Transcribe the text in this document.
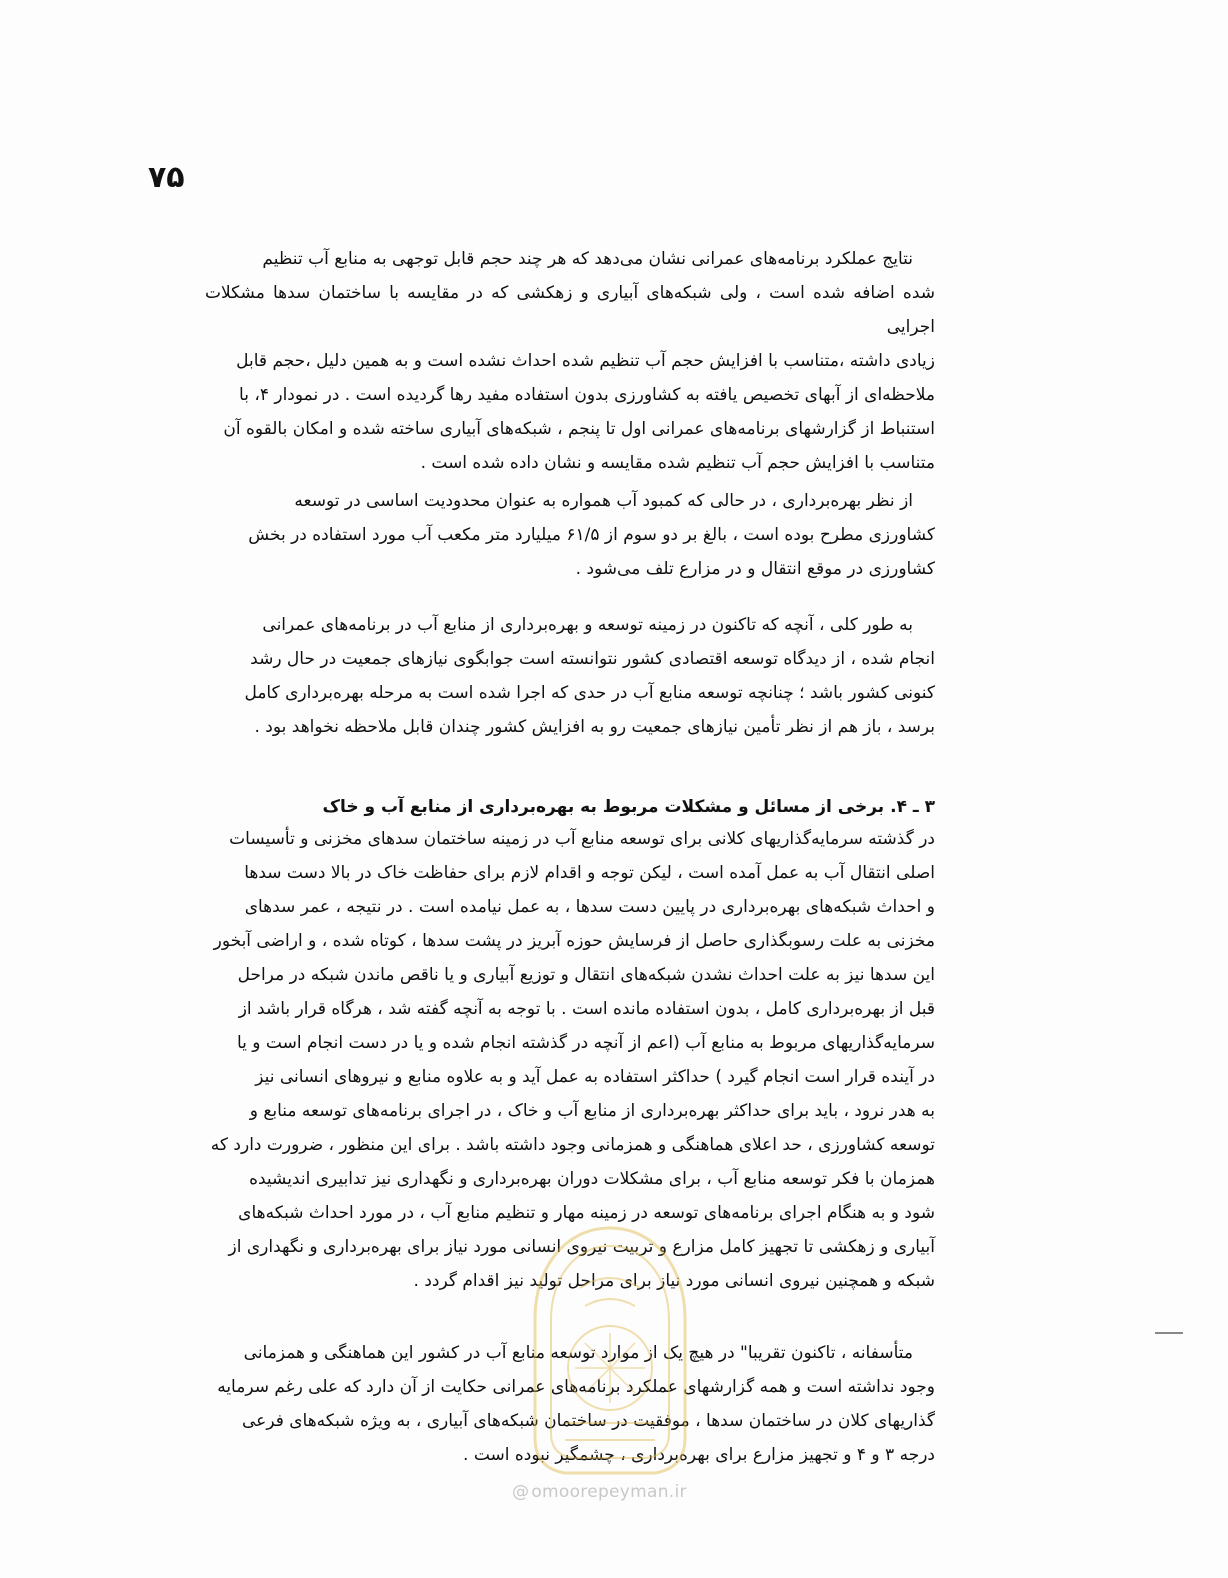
۷۵

نتایج عملکرد برنامه‌های عمرانی نشان می‌دهد که هر چند حجم قابل توجهی به منابع آب تنظیم

شده اضافه شده است ، ولی شبکه‌های آبیاری و زهکشی که در مقایسه با ساختمان سدها مشکلات اجرایی

زیادی داشته ،متناسب با افزایش حجم آب تنظیم شده احداث نشده است و به همین دلیل ،حجم قابل

ملاحظه‌ای از آبهای تخصیص یافته به کشاورزی بدون استفاده مفید رها گردیده است . در نمودار ۴، با

استنباط از گزارشهای برنامه‌های عمرانی اول تا پنجم ، شبکه‌های آبیاری ساخته شده و امکان بالقوه آن

متناسب با افزایش حجم آب تنظیم شده مقایسه و نشان داده شده است .

از نظر بهره‌برداری ، در حالی که کمبود آب همواره به عنوان محدودیت اساسی در توسعه

کشاورزی مطرح بوده است ، بالغ بر دو سوم از ۶۱/۵ میلیارد متر مکعب آب مورد استفاده در بخش

کشاورزی در موقع انتقال و در مزارع تلف می‌شود .

به طور کلی ، آنچه که تاکنون در زمینه توسعه و بهره‌برداری از منابع آب در برنامه‌های عمرانی

انجام شده ، از دیدگاه توسعه اقتصادی کشور نتوانسته است جوابگوی نیازهای جمعیت در حال رشد

کنونی کشور باشد ؛ چنانچه توسعه منابع آب در حدی که اجرا شده است به مرحله بهره‌برداری کامل

برسد ، باز هم از نظر تأمین نیازهای جمعیت رو به افزایش کشور چندان قابل ملاحظه نخواهد بود .

۳ ـ ۴. برخی از مسائل و مشکلات مربوط به بهره‌برداری از منابع آب و خاک

در گذشته سرمایه‌گذاریهای کلانی برای توسعه منابع آب در زمینه ساختمان سدهای مخزنی و تأسیسات

اصلی انتقال آب به عمل آمده است ، لیکن توجه و اقدام لازم برای حفاظت خاک در بالا دست سدها

و احداث شبکه‌های بهره‌برداری در پایین دست سدها ، به عمل نیامده است . در نتیجه ، عمر سدهای

مخزنی به علت رسوبگذاری حاصل از فرسایش حوزه آبریز در پشت سدها ، کوتاه شده ، و اراضی آبخور

این سدها نیز به علت احداث نشدن شبکه‌های انتقال و توزیع آبیاری و یا ناقص ماندن شبکه در مراحل

قبل از بهره‌برداری کامل ، بدون استفاده مانده است . با توجه به آنچه گفته شد ، هرگاه قرار باشد از

سرمایه‌گذاریهای مربوط به منابع آب (اعم از آنچه در گذشته انجام شده و یا در دست انجام است و یا

در آینده قرار است انجام گیرد ) حداکثر استفاده به عمل آید و به علاوه منابع و نیروهای انسانی نیز

به هدر نرود ، باید برای حداکثر بهره‌برداری از منابع آب و خاک ، در اجرای برنامه‌های توسعه منابع و

توسعه کشاورزی ، حد اعلای هماهنگی و همزمانی وجود داشته باشد . برای این منظور ، ضرورت دارد که

همزمان با فکر توسعه منابع آب ، برای مشکلات دوران بهره‌برداری و نگهداری نیز تدابیری اندیشیده

شود و به هنگام اجرای برنامه‌های توسعه در زمینه مهار و تنظیم منابع آب ، در مورد احداث شبکه‌های

آبیاری و زهکشی تا تجهیز کامل مزارع و تربیت نیروی انسانی مورد نیاز برای بهره‌برداری و نگهداری از

شبکه و همچنین نیروی انسانی مورد نیاز برای مراحل تولید نیز اقدام گردد .

متأسفانه ، تاکنون تقریبا" در هیچ یک از موارد توسعه منابع آب در کشور این هماهنگی و همزمانی

وجود نداشته است و همه گزارشهای عملکرد برنامه‌های عمرانی حکایت از آن دارد که علی رغم سرمایه‌

گذاریهای کلان در ساختمان سدها ، موفقیت در ساختمان شبکه‌های آبیاری ، به ویژه شبکه‌های فرعی

درجه ۳ و ۴ و تجهیز مزارع برای بهره‌برداری ، چشمگیر نبوده است .

@ omoorepeyman.ir
